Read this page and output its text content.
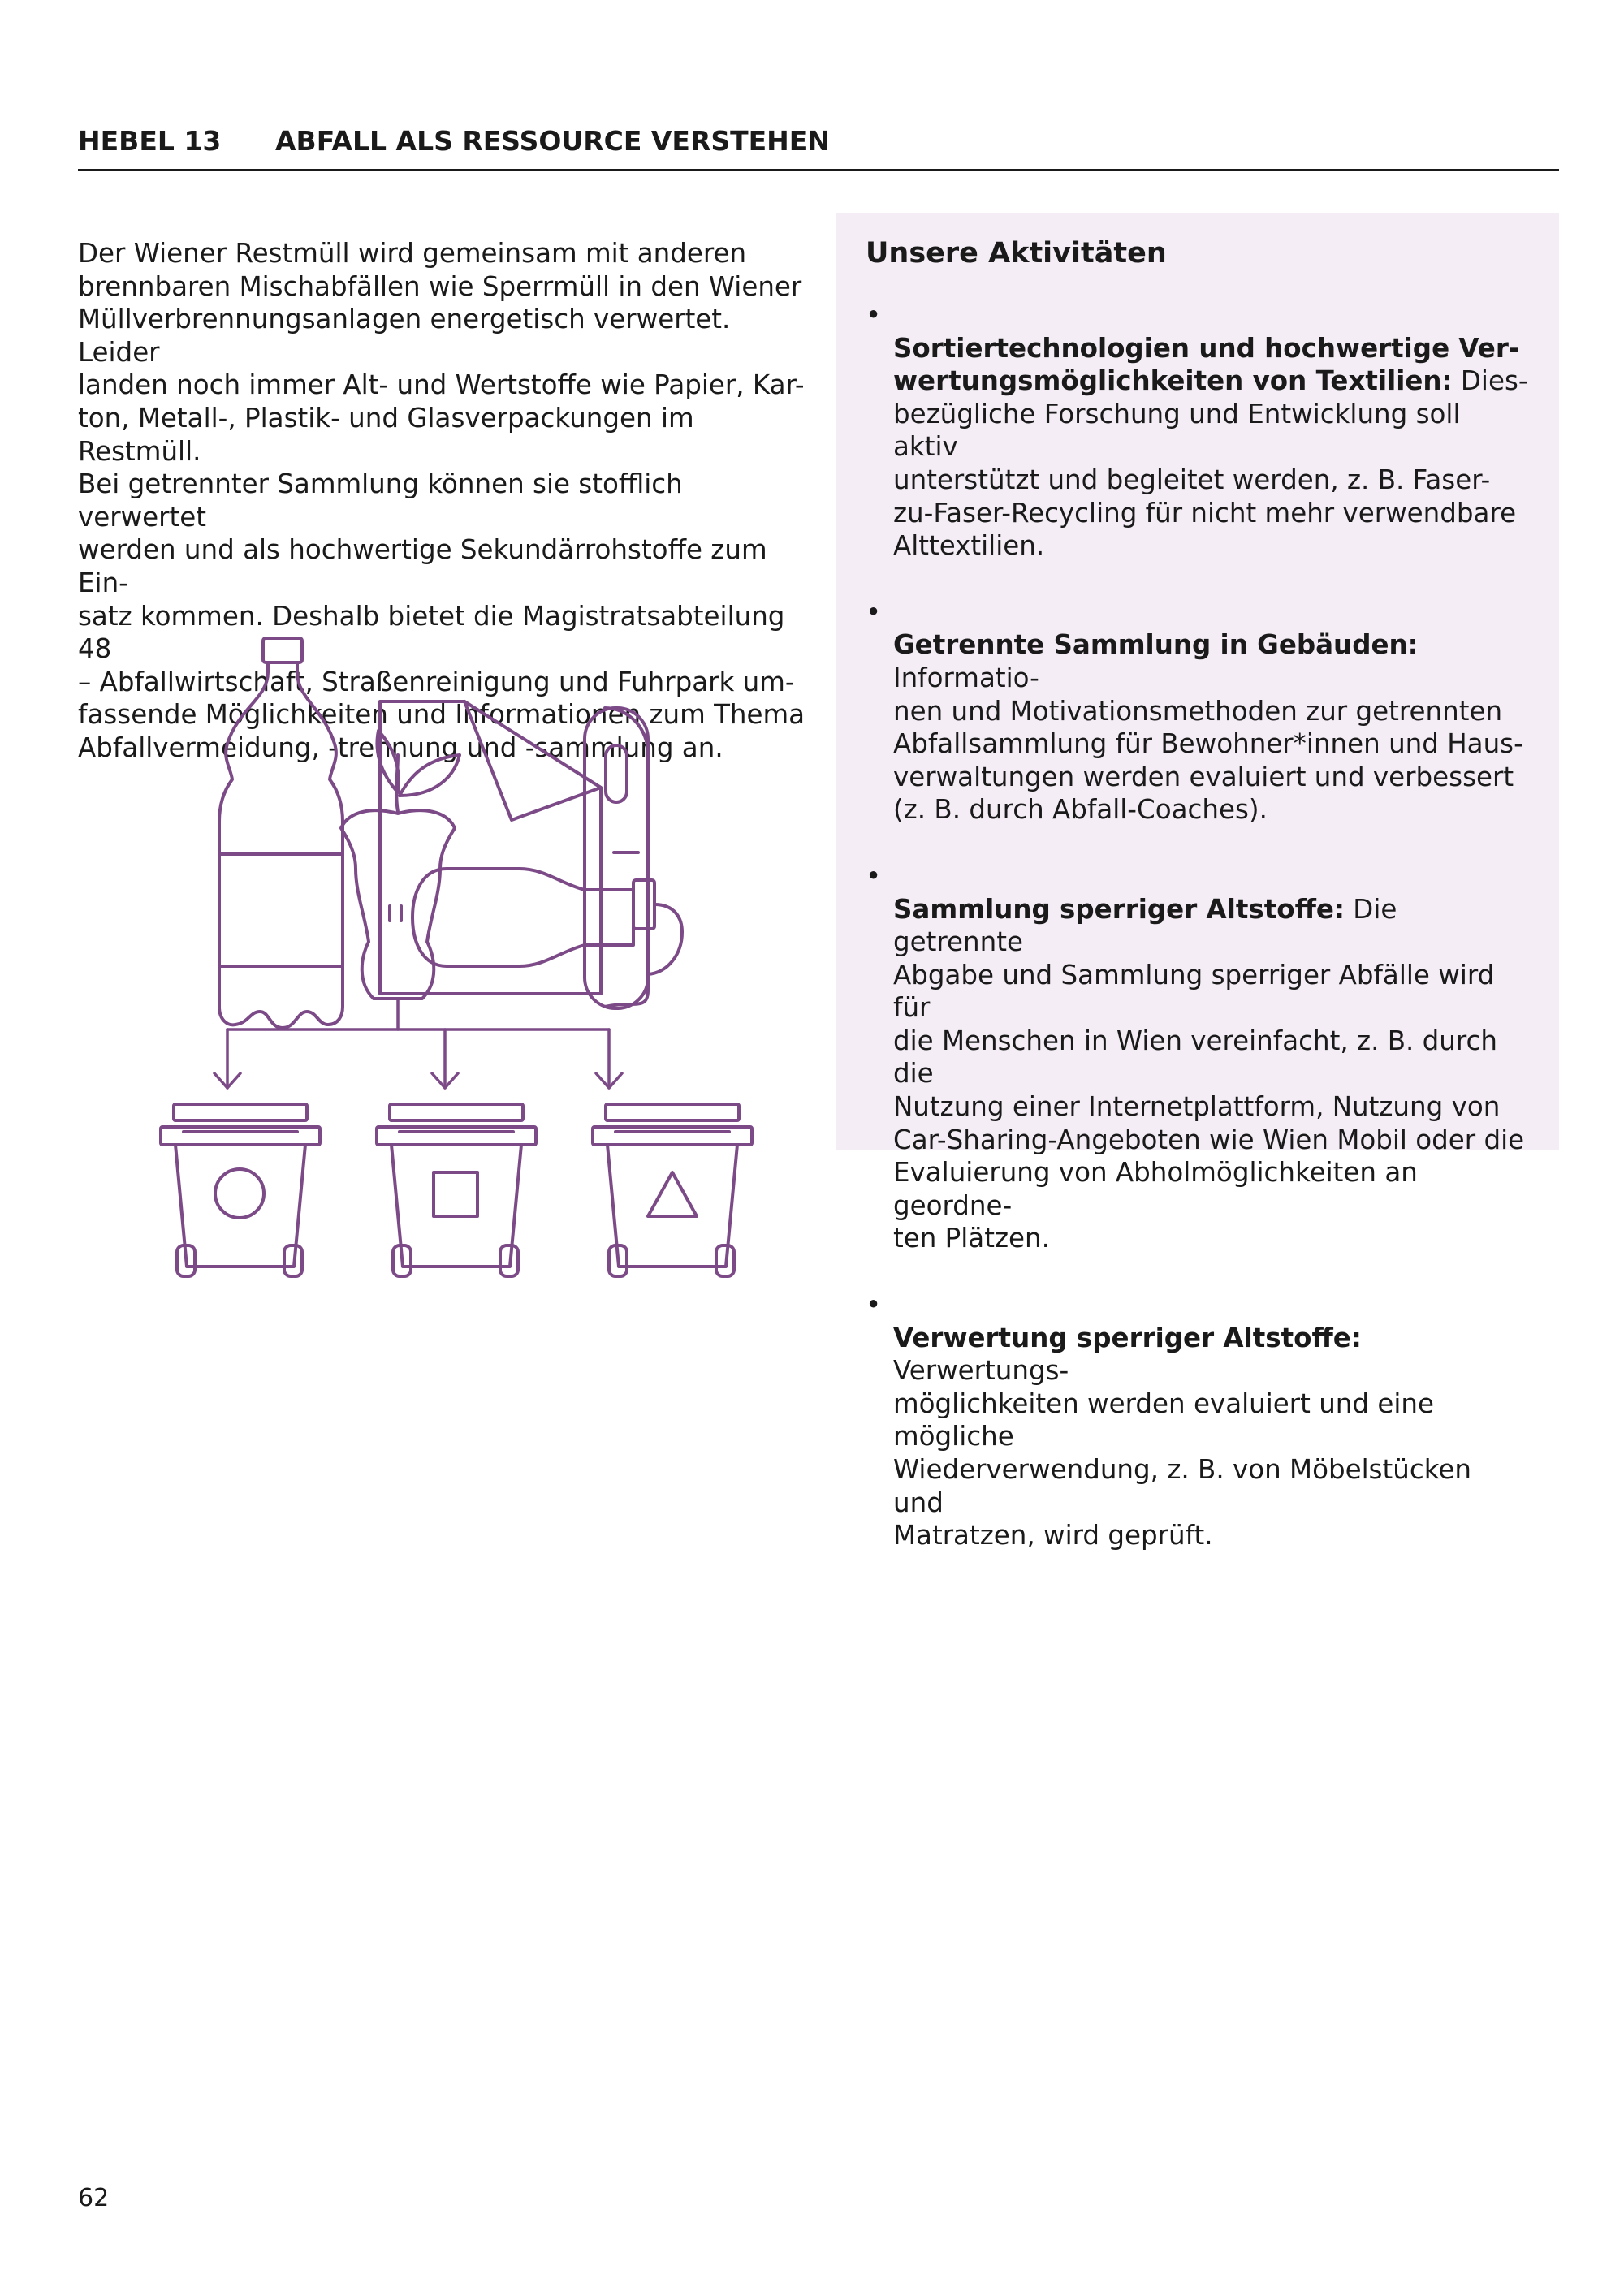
HEBEL 13 ABFALL ALS RESSOURCE VERSTEHEN

Der Wiener Restmüll wird gemeinsam mit anderen
brennbaren Mischabfällen wie Sperrmüll in den Wiener
Müllverbrennungsanlagen energetisch verwertet. Leider
landen noch immer Alt- und Wertstoffe wie Papier, Kar-
ton, Metall-, Plastik- und Glasverpackungen im Restmüll.
Bei getrennter Sammlung können sie stofflich verwertet
werden und als hochwertige Sekundärrohstoffe zum Ein-
satz kommen. Deshalb bietet die Magistratsabteilung 48
– Abfallwirtschaft, Straßenreinigung und Fuhrpark um-
fassende Möglichkeiten und Informationen zum Thema
Abfallvermeidung, -trennung und -sammlung an.

Unsere Aktivitäten

•
Sortiertechnologien und hochwertige Ver-
wertungsmöglichkeiten von Textilien: Dies-
bezügliche Forschung und Entwicklung soll aktiv
unterstützt und begleitet werden, z. B. Faser-
zu-Faser-Recycling für nicht mehr verwendbare
Alttextilien.

•
Getrennte Sammlung in Gebäuden: Informatio-
nen und Motivationsmethoden zur getrennten
Abfallsammlung für Bewohner*innen und Haus-
verwaltungen werden evaluiert und verbessert
(z. B. durch Abfall-Coaches).

•
Sammlung sperriger Altstoffe: Die getrennte
Abgabe und Sammlung sperriger Abfälle wird für
die Menschen in Wien vereinfacht, z. B. durch die
Nutzung einer Internetplattform, Nutzung von
Car-Sharing-Angeboten wie Wien Mobil oder die
Evaluierung von Abholmöglichkeiten an geordne-
ten Plätzen.

•
Verwertung sperriger Altstoffe: Verwertungs-
möglichkeiten werden evaluiert und eine mögliche
Wiederverwendung, z. B. von Möbelstücken und
Matratzen, wird geprüft.

62
